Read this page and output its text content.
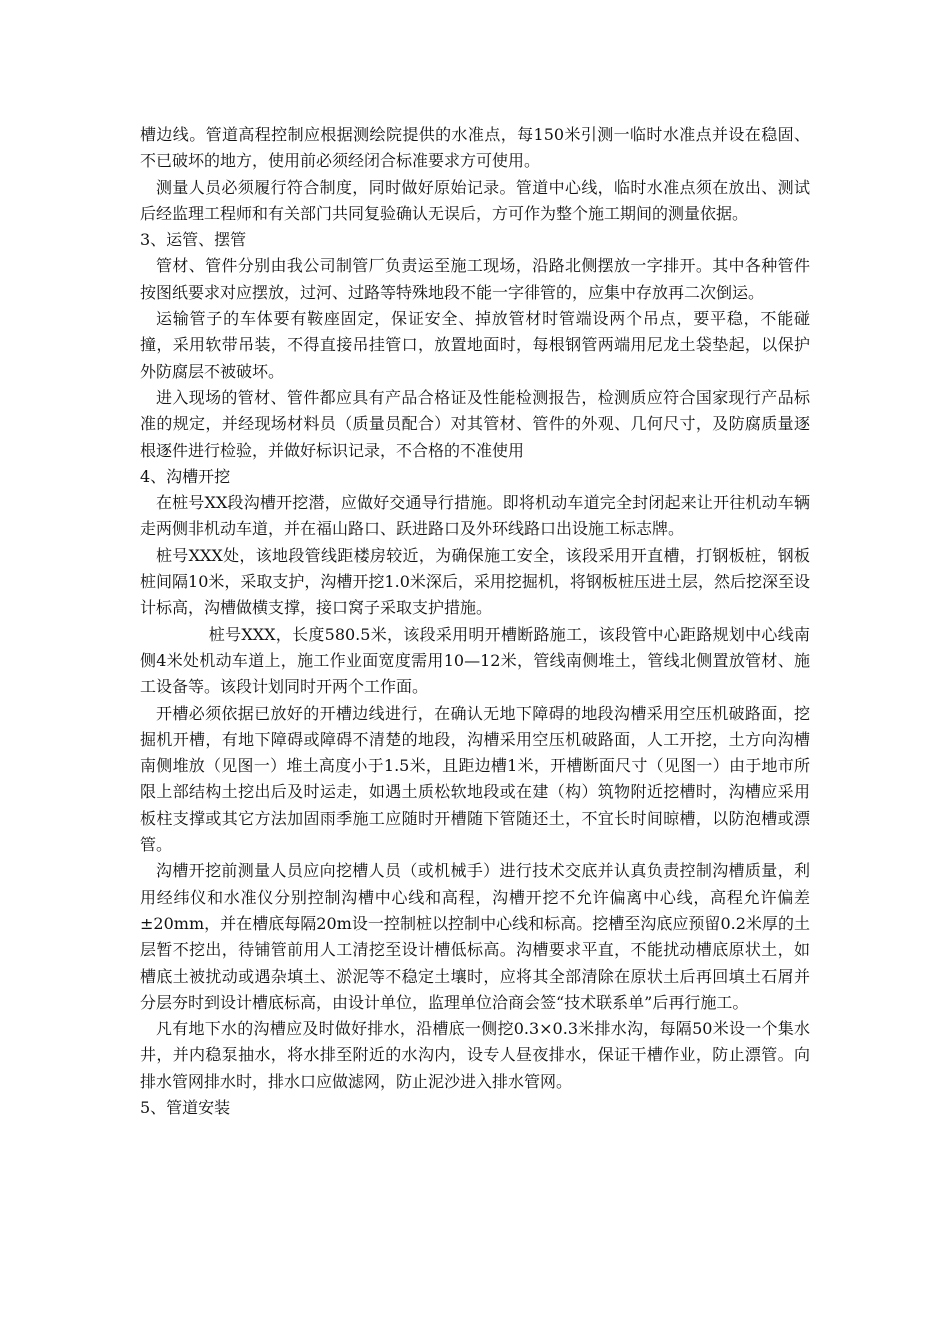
槽边线。管道高程控制应根据测绘院提供的水准点，每150米引测一临时水准点并设在稳固、不已破坏的地方，使用前必须经闭合标准要求方可使用。

测量人员必须履行符合制度，同时做好原始记录。管道中心线，临时水准点须在放出、测试后经监理工程师和有关部门共同复验确认无误后，方可作为整个施工期间的测量依据。

3、运管、摆管

管材、管件分别由我公司制管厂负责运至施工现场，沿路北侧摆放一字排开。其中各种管件按图纸要求对应摆放，过河、过路等特殊地段不能一字徘管的，应集中存放再二次倒运。

运输管子的车体要有鞍座固定，保证安全、掉放管材时管端设两个吊点，要平稳，不能碰撞，采用软带吊装，不得直接吊挂管口，放置地面时，每根钢管两端用尼龙土袋垫起，以保护外防腐层不被破坏。

进入现场的管材、管件都应具有产品合格证及性能检测报告，检测质应符合国家现行产品标准的规定，并经现场材料员（质量员配合）对其管材、管件的外观、几何尺寸，及防腐质量逐根逐件进行检验，并做好标识记录，不合格的不准使用

4、沟槽开挖

在桩号XX段沟槽开挖潜，应做好交通导行措施。即将机动车道完全封闭起来让开往机动车辆走两侧非机动车道，并在福山路口、跃进路口及外环线路口出设施工标志牌。

桩号XXX处，该地段管线距楼房较近，为确保施工安全，该段采用开直槽，打钢板桩，钢板桩间隔10米，采取支护，沟槽开挖1.0米深后，采用挖掘机，将钢板桩压进土层，然后挖深至设计标高，沟槽做横支撑，接口窝子采取支护措施。

桩号XXX，长度580.5米，该段采用明开槽断路施工，该段管中心距路规划中心线南侧4米处机动车道上，施工作业面宽度需用10—12米，管线南侧堆土，管线北侧置放管材、施工设备等。该段计划同时开两个工作面。

开槽必须依据已放好的开槽边线进行，在确认无地下障碍的地段沟槽采用空压机破路面，挖掘机开槽，有地下障碍或障碍不清楚的地段，沟槽采用空压机破路面，人工开挖，土方向沟槽南侧堆放（见图一）堆土高度小于1.5米，且距边槽1米，开槽断面尺寸（见图一）由于地市所限上部结构土挖出后及时运走，如遇土质松软地段或在建（构）筑物附近挖槽时，沟槽应采用板柱支撑或其它方法加固雨季施工应随时开槽随下管随还土，不宜长时间晾槽，以防泡槽或漂管。

沟槽开挖前测量人员应向挖槽人员（或机械手）进行技术交底并认真负责控制沟槽质量，利用经纬仪和水准仪分别控制沟槽中心线和高程，沟槽开挖不允许偏离中心线，高程允许偏差±20mm，并在槽底每隔20m设一控制桩以控制中心线和标高。挖槽至沟底应预留0.2米厚的土层暂不挖出，待铺管前用人工清挖至设计槽低标高。沟槽要求平直，不能扰动槽底原状土，如槽底土被扰动或遇杂填土、淤泥等不稳定土壤时，应将其全部清除在原状土后再回填土石屑并分层夯时到设计槽底标高，由设计单位，监理单位洽商会签“技术联系单”后再行施工。

凡有地下水的沟槽应及时做好排水，沿槽底一侧挖0.3×0.3米排水沟，每隔50米设一个集水井，并内稳泵抽水，将水排至附近的水沟内，设专人昼夜排水，保证干槽作业，防止漂管。向排水管网排水时，排水口应做滤网，防止泥沙进入排水管网。

5、管道安装
